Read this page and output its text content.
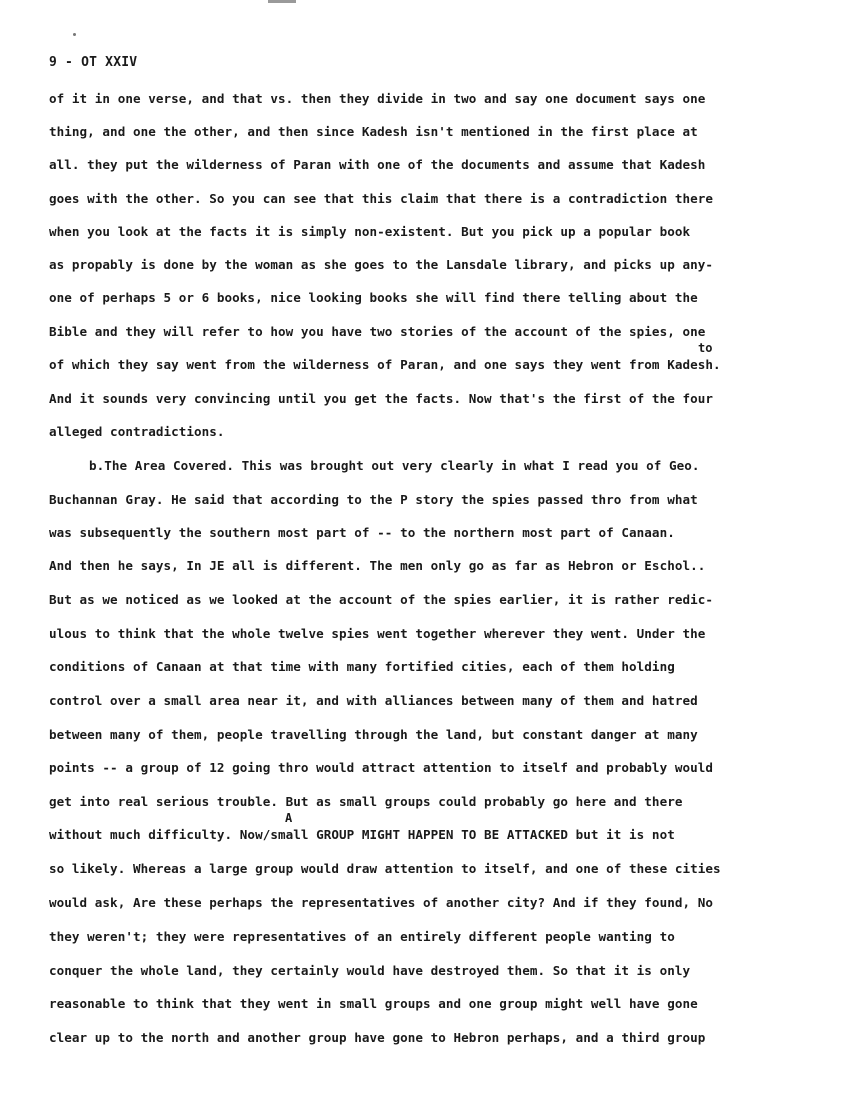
9 - OT XXIV
of it in one verse, and that vs. then they divide in two and say one document says one
thing, and one the other, and then since Kadesh isn't mentioned in the first place at
all. they put the wilderness of Paran with one of the documents and assume that Kadesh
goes with the other. So you can see that this claim that there is a contradiction there
when you look at the facts it is simply non-existent. But you pick up a popular book
as propably is done by the woman as she goes to the Lansdale library, and picks up any-
one of perhaps 5 or 6 books, nice looking books she will find there telling about the
Bible and they will refer to how you have two stories of the account of the spies, one
to
of which they say went from the wilderness of Paran, and one says they went from Kadesh.
And it sounds very convincing until you get the facts. Now that's the first of the four
alleged contradictions.
b.The Area Covered. This was brought out very clearly in what I read you of Geo.
Buchannan Gray. He said that according to the P story the spies passed thro from what
was subsequently the southern most part of -- to the northern most part of Canaan.
And then he says, In JE all is different. The men only go as far as Hebron or Eschol..
But as we noticed as we looked at the account of the spies earlier, it is rather redic-
ulous to think that the whole twelve spies went together wherever they went. Under the
conditions of Canaan at that time with many fortified cities, each of them holding
control over a small area near it, and with alliances between many of them and hatred
between many of them, people travelling through the land, but constant danger at many
points -- a group of 12 going thro would attract attention to itself and probably would
get into real serious trouble. But as small groups could probably go here and there
A
without much difficulty. Now/small GROUP MIGHT HAPPEN TO BE ATTACKED but it is not
so likely. Whereas a large group would draw attention to itself, and one of these cities
would ask, Are these perhaps the representatives of another city? And if they found, No
they weren't; they were representatives of an entirely different people wanting to
conquer the whole land, they certainly would have destroyed them. So that it is only
reasonable to think that they went in small groups and one group might well have gone
clear up to the north and another group have gone to Hebron perhaps, and a third group
